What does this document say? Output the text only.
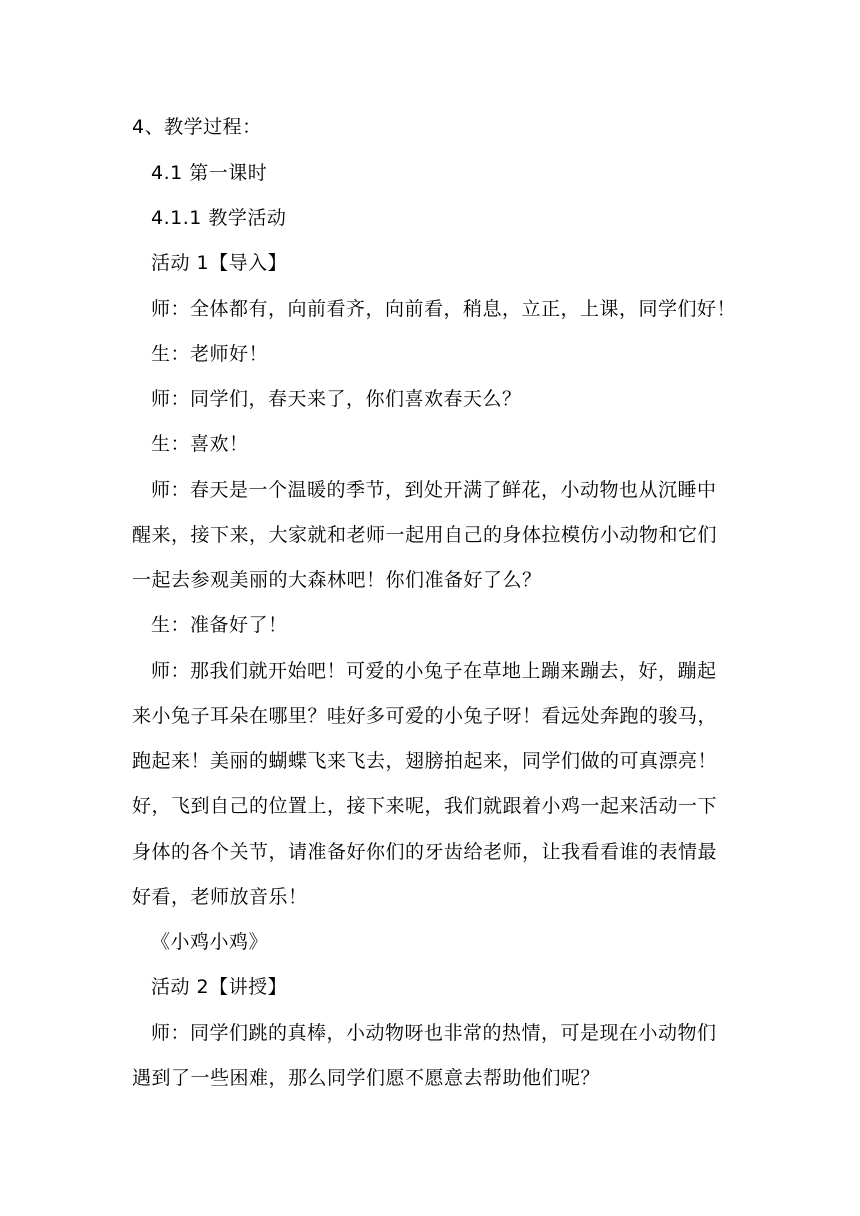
4、教学过程：
4.1 第一课时
4.1.1 教学活动
活动 1【导入】
师：全体都有，向前看齐，向前看，稍息，立正，上课，同学们好！
生：老师好！
师：同学们，春天来了，你们喜欢春天么？
生：喜欢！
师：春天是一个温暖的季节，到处开满了鲜花，小动物也从沉睡中
醒来，接下来，大家就和老师一起用自己的身体拉模仿小动物和它们
一起去参观美丽的大森林吧！你们准备好了么？
生：准备好了！
师：那我们就开始吧！可爱的小兔子在草地上蹦来蹦去，好，蹦起
来小兔子耳朵在哪里？哇好多可爱的小兔子呀！看远处奔跑的骏马，
跑起来！美丽的蝴蝶飞来飞去，翅膀拍起来，同学们做的可真漂亮！
好，飞到自己的位置上，接下来呢，我们就跟着小鸡一起来活动一下
身体的各个关节，请准备好你们的牙齿给老师，让我看看谁的表情最
好看，老师放音乐！
《小鸡小鸡》
活动 2【讲授】
师：同学们跳的真棒，小动物呀也非常的热情，可是现在小动物们
遇到了一些困难，那么同学们愿不愿意去帮助他们呢？
